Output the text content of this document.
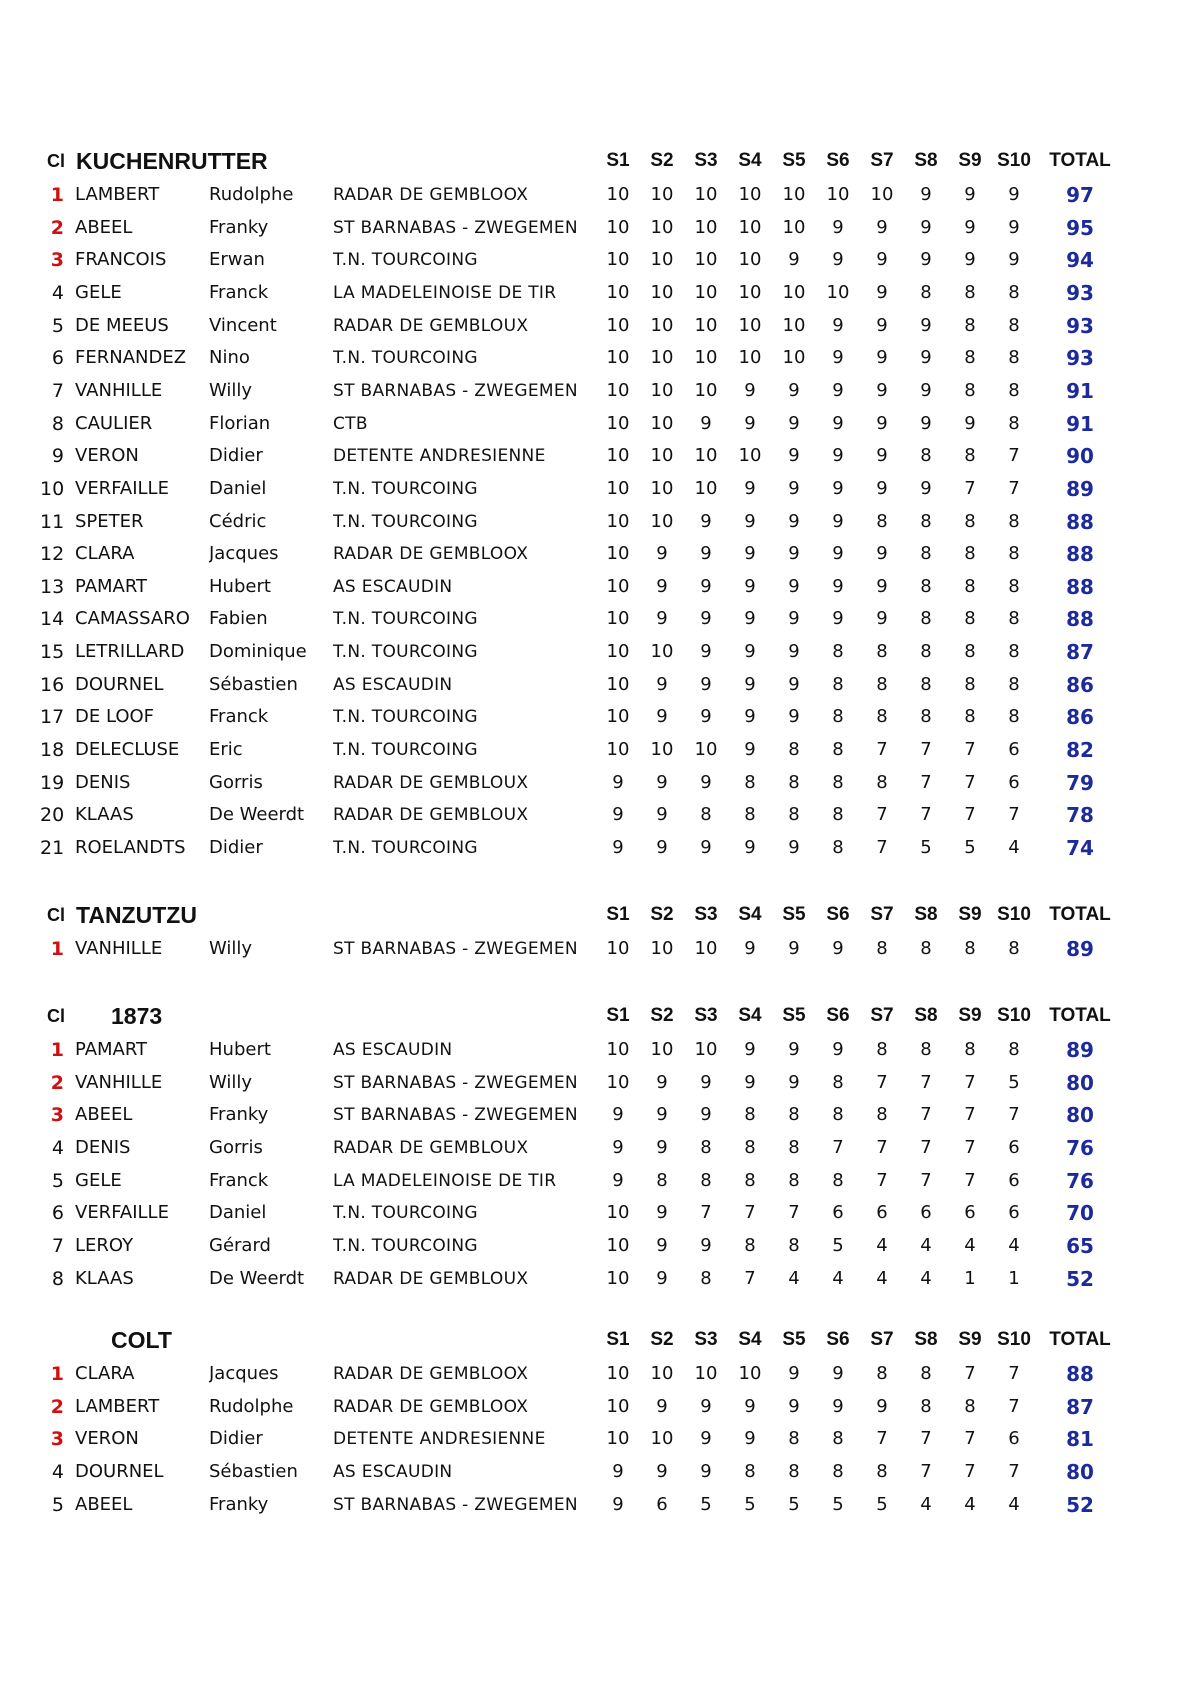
Cl KUCHENRUTTER	S1	S2	S3	S4	S5	S6	S7	S8	S9 S10 TOTAL
1 LAMBERT	Rudolphe	RADAR DE GEMBLOOX	10	10	10	10	10	10	10	9	9	9	97
2 ABEEL	Franky	ST BARNABAS - ZWEGEMEN	10	10	10	10	10	9	9	9	9	9	95
3 FRANCOIS	Erwan	T.N. TOURCOING	10	10	10	10	9	9	9	9	9	9	94
4 GELE	Franck	LA MADELEINOISE DE TIR	10	10	10	10	10	10	9	8	8	8	93
5 DE MEEUS	Vincent	RADAR DE GEMBLOUX	10	10	10	10	10	9	9	9	8	8	93
6 FERNANDEZ	Nino	T.N. TOURCOING	10	10	10	10	10	9	9	9	8	8	93
7 VANHILLE	Willy	ST BARNABAS - ZWEGEMEN	10	10	10	9	9	9	9	9	8	8	91
8 CAULIER	Florian	CTB	10	10	9	9	9	9	9	9	9	8	91
9 VERON	Didier	DETENTE ANDRESIENNE	10	10	10	10	9	9	9	8	8	7	90
10 VERFAILLE	Daniel	T.N. TOURCOING	10	10	10	9	9	9	9	9	7	7	89
11 SPETER	Cédric	T.N. TOURCOING	10	10	9	9	9	9	8	8	8	8	88
12 CLARA	Jacques	RADAR DE GEMBLOOX	10	9	9	9	9	9	9	8	8	8	88
13 PAMART	Hubert	AS ESCAUDIN	10	9	9	9	9	9	9	8	8	8	88
14 CAMASSARO	Fabien	T.N. TOURCOING	10	9	9	9	9	9	9	8	8	8	88
15 LETRILLARD	Dominique	T.N. TOURCOING	10	10	9	9	9	8	8	8	8	8	87
16 DOURNEL	Sébastien	AS ESCAUDIN	10	9	9	9	9	8	8	8	8	8	86
17 DE LOOF	Franck	T.N. TOURCOING	10	9	9	9	9	8	8	8	8	8	86
18 DELECLUSE	Eric	T.N. TOURCOING	10	10	10	9	8	8	7	7	7	6	82
19 DENIS	Gorris	RADAR DE GEMBLOUX	9	9	9	8	8	8	8	7	7	6	79
20 KLAAS	De Weerdt	RADAR DE GEMBLOUX	9	9	8	8	8	8	7	7	7	7	78
21 ROELANDTS	Didier	T.N. TOURCOING	9	9	9	9	9	8	7	5	5	4	74
Cl TANZUTZU	S1	S2	S3	S4	S5	S6	S7	S8	S9 S10 TOTAL
1 VANHILLE	Willy	ST BARNABAS - ZWEGEMEN	10	10	10	9	9	9	8	8	8	8	89
Cl 1873	S1	S2	S3	S4	S5	S6	S7	S8	S9 S10 TOTAL
1 PAMART	Hubert	AS ESCAUDIN	10	10	10	9	9	9	8	8	8	8	89
2 VANHILLE	Willy	ST BARNABAS - ZWEGEMEN	10	9	9	9	9	8	7	7	7	5	80
3 ABEEL	Franky	ST BARNABAS - ZWEGEMEN	9	9	9	8	8	8	8	7	7	7	80
4 DENIS	Gorris	RADAR DE GEMBLOUX	9	9	8	8	8	7	7	7	7	6	76
5 GELE	Franck	LA MADELEINOISE DE TIR	9	8	8	8	8	8	7	7	7	6	76
6 VERFAILLE	Daniel	T.N. TOURCOING	10	9	7	7	7	6	6	6	6	6	70
7 LEROY	Gérard	T.N. TOURCOING	10	9	9	8	8	5	4	4	4	4	65
8 KLAAS	De Weerdt	RADAR DE GEMBLOUX	10	9	8	7	4	4	4	4	1	1	52
COLT	S1	S2	S3	S4	S5	S6	S7	S8	S9 S10 TOTAL
1 CLARA	Jacques	RADAR DE GEMBLOOX	10	10	10	10	9	9	8	8	7	7	88
2 LAMBERT	Rudolphe	RADAR DE GEMBLOOX	10	9	9	9	9	9	9	8	8	7	87
3 VERON	Didier	DETENTE ANDRESIENNE	10	10	9	9	8	8	7	7	7	6	81
4 DOURNEL	Sébastien	AS ESCAUDIN	9	9	9	8	8	8	8	7	7	7	80
5 ABEEL	Franky	ST BARNABAS - ZWEGEMEN	9	6	5	5	5	5	5	4	4	4	52
